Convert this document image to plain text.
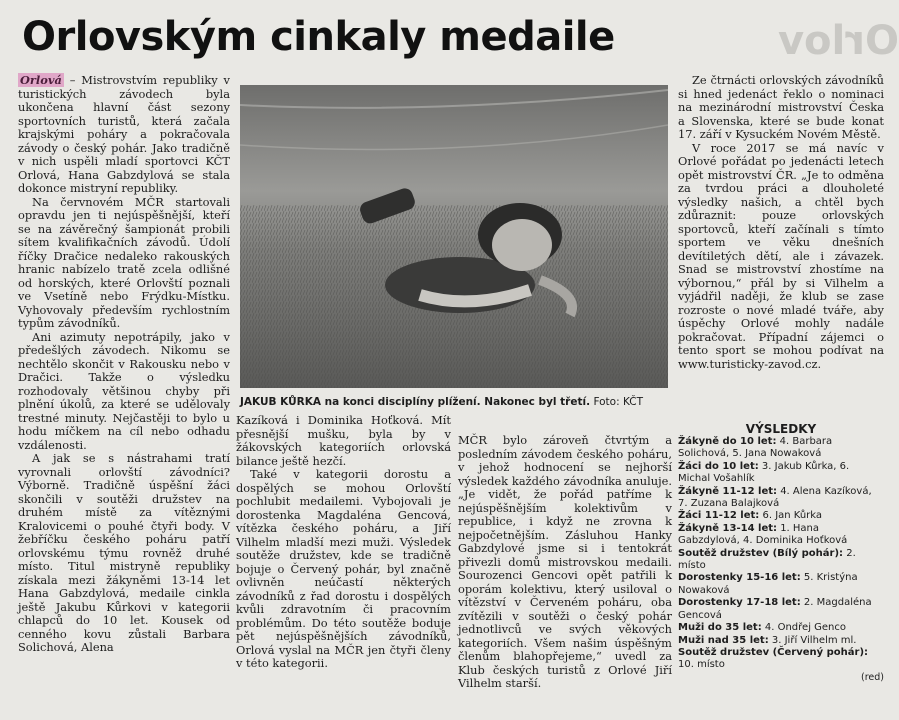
Orlovským cinkaly medaile	Orlov

Orlová – Mistrovstvím republiky v turistických závodech byla ukončena hlavní část sezony sportovních turistů, která začala krajskými poháry a pokračovala závody o český pohár. Jako tradičně v nich uspěli mladí sportovci KČT Orlová, Hana Gabzdylová se stala dokonce mistryní republiky.

Na červnovém MČR startovali opravdu jen ti nejúspěšnější, kteří se na závěrečný šampionát probili sítem kvalifikačních závodů. Údolí říčky Dračice nedaleko rakouských hranic nabízelo tratě zcela odlišné od horských, které Orlovští poznali ve Vsetíně nebo Frýdku-Místku. Vyhovovaly především rychlostním typům závodníků.

Ani azimuty nepotrápily, jako v předešlých závodech. Nikomu se nechtělo skončit v Rakousku nebo v Dračici. Takže o výsledku rozhodovaly většinou chyby při plnění úkolů, za které se udělovaly trestné minuty. Nejčastěji to bylo u hodu míčkem na cíl nebo odhadu vzdálenosti.

A jak se s nástrahami tratí vyrovnali orlovští závodníci? Výborně. Tradičně úspěšní žáci skončili v soutěži družstev na druhém místě za vítěznými Kralovicemi o pouhé čtyři body. V žebříčku českého poháru patří orlovskému týmu rovněž druhé místo. Titul mistryně republiky získala mezi žákyněmi 13-14 let Hana Gabzdylová, medaile cinkla ještě Jakubu Kůrkovi v kategorii chlapců do 10 let. Kousek od cenného kovu zůstali Barbara Solichová, Alena

JAKUB KŮRKA na konci disciplíny plížení. Nakonec byl třetí. Foto: KČT

Kazíková i Dominika Hoťková. Mít přesnější mušku, byla by v žákovských kategoriích orlovská bilance ještě hezčí.

Také v kategorii dorostu a dospělých se mohou Orlovští pochlubit medailemi. Vybojovali je dorostenka Magdaléna Gencová, vítězka českého poháru, a Jiří Vilhelm mladší mezi muži. Výsledek soutěže družstev, kde se tradičně bojuje o Červený pohár, byl značně ovlivněn neúčastí některých závodníků z řad dorostu i dospělých kvůli zdravotním či pracovním problémům. Do této soutěže boduje pět nejúspěšnějších závodníků, Orlová vyslal na MČR jen čtyři členy v této kategorii.

MČR bylo zároveň čtvrtým a posledním závodem českého poháru, v jehož hodnocení se nejhorší výsledek každého závodníka anuluje. „Je vidět, že pořád patříme k nejúspěšnějším kolektivům v republice, i když ne zrovna k nejpočetnějším. Zásluhou Hanky Gabzdylové jsme si i tentokrát přivezli domů mistrovskou medaili. Sourozenci Gencovi opět patřili k oporám kolektivu, který usiloval o vítězství v Červeném poháru, oba zvítězili v soutěži o český pohár jednotlivců ve svých věkových kategoriích. Všem našim úspěšným členům blahopřejeme,“ uvedl za Klub českých turistů z Orlové Jiří Vilhelm starší.

Ze čtrnácti orlovských závodníků si hned jedenáct řeklo o nominaci na mezinárodní mistrovství Česka a Slovenska, které se bude konat 17. září v Kysuckém Novém Městě.

V roce 2017 se má navíc v Orlové pořádat po jedenácti letech opět mistrovství ČR. „Je to odměna za tvrdou práci a dlouholeté výsledky našich, a chtěl bych zdůraznit: pouze orlovských sportovců, kteří začínali s tímto sportem ve věku dnešních devítiletých dětí, ale i závazek. Snad se mistrovství zhostíme na výbornou,“ přál by si Vilhelm a vyjádřil naději, že klub se zase rozroste o nové mladé tváře, aby úspěchy Orlové mohly nadále pokračovat. Případní zájemci o tento sport se mohou podívat na www.turisticky-zavod.cz.

VÝSLEDKY
Žákyně do 10 let: 4. Barbara Solichová, 5. Jana Nowaková
Žáci do 10 let: 3. Jakub Kůrka, 6. Michal Vošahlík
Žákyně 11-12 let: 4. Alena Kazíková, 7. Zuzana Balajková
Žáci 11-12 let: 6. Jan Kůrka
Žákyně 13-14 let: 1. Hana Gabzdylová, 4. Dominika Hoťková
Soutěž družstev (Bílý pohár): 2. místo
Dorostenky 15-16 let: 5. Kristýna Nowaková
Dorostenky 17-18 let: 2. Magdaléna Gencová
Muži do 35 let: 4. Ondřej Genco
Muži nad 35 let: 3. Jiří Vilhelm ml.
Soutěž družstev (Červený pohár): 10. místo
(red)
